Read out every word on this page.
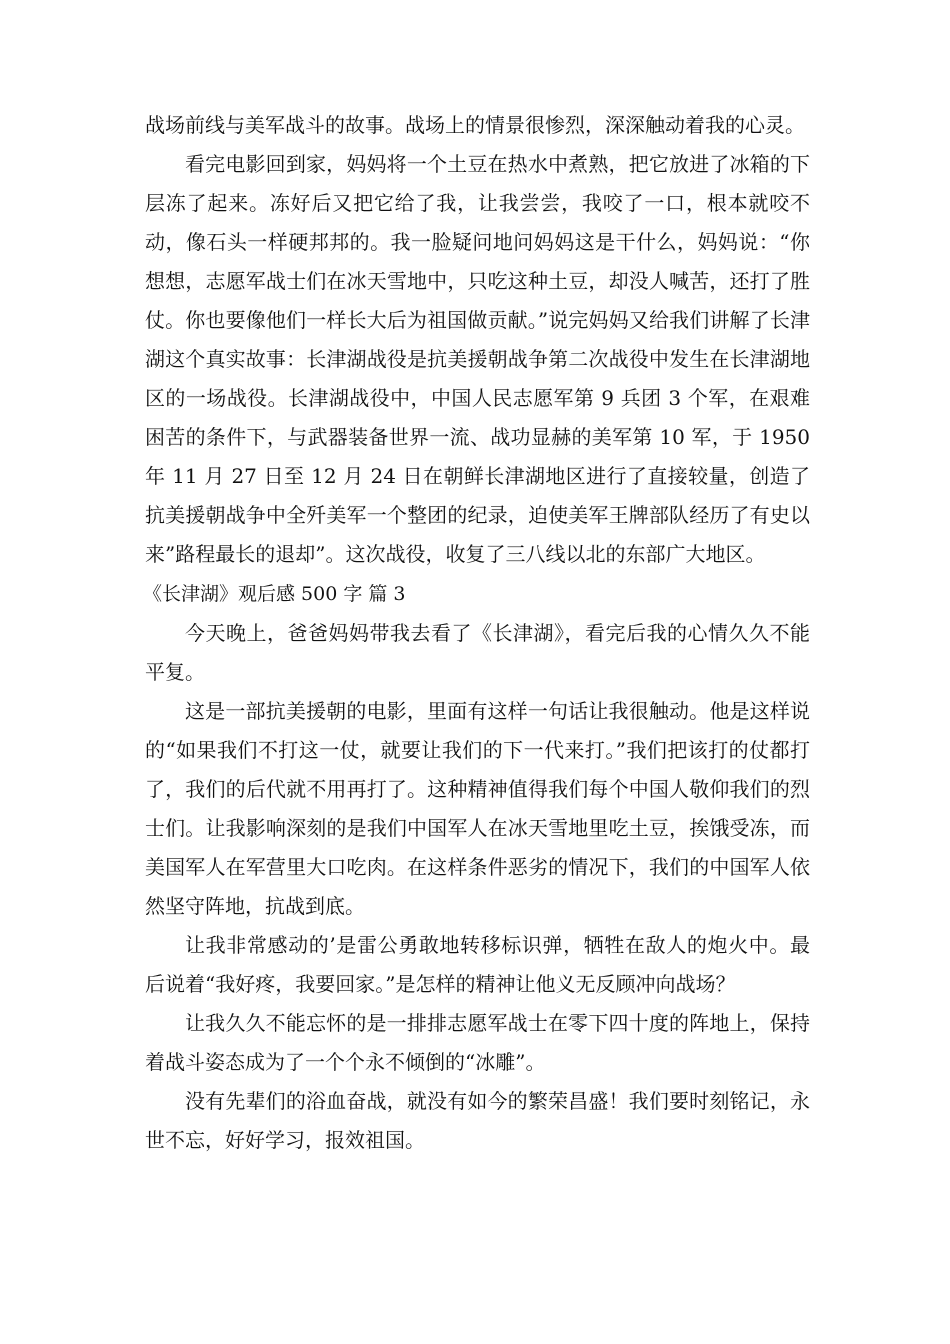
战场前线与美军战斗的故事。战场上的情景很惨烈，深深触动着我的心灵。

看完电影回到家，妈妈将一个土豆在热水中煮熟，把它放进了冰箱的下层冻了起来。冻好后又把它给了我，让我尝尝，我咬了一口，根本就咬不动，像石头一样硬邦邦的。我一脸疑问地问妈妈这是干什么，妈妈说：“你想想，志愿军战士们在冰天雪地中，只吃这种土豆，却没人喊苦，还打了胜仗。你也要像他们一样长大后为祖国做贡献。”说完妈妈又给我们讲解了长津湖这个真实故事：长津湖战役是抗美援朝战争第二次战役中发生在长津湖地区的一场战役。长津湖战役中，中国人民志愿军第 9 兵团 3 个军，在艰难困苦的条件下，与武器装备世界一流、战功显赫的美军第 10 军，于 1950 年 11 月 27 日至 12 月 24 日在朝鲜长津湖地区进行了直接较量，创造了抗美援朝战争中全歼美军一个整团的纪录，迫使美军王牌部队经历了有史以来”路程最长的退却”。这次战役，收复了三八线以北的东部广大地区。

《长津湖》观后感 500 字 篇 3

今天晚上，爸爸妈妈带我去看了《长津湖》，看完后我的心情久久不能平复。

这是一部抗美援朝的电影，里面有这样一句话让我很触动。他是这样说的“如果我们不打这一仗，就要让我们的下一代来打。”我们把该打的仗都打了，我们的后代就不用再打了。这种精神值得我们每个中国人敬仰我们的烈士们。让我影响深刻的是我们中国军人在冰天雪地里吃土豆，挨饿受冻，而美国军人在军营里大口吃肉。在这样条件恶劣的情况下，我们的中国军人依然坚守阵地，抗战到底。

让我非常感动的’是雷公勇敢地转移标识弹，牺牲在敌人的炮火中。最后说着“我好疼，我要回家。”是怎样的精神让他义无反顾冲向战场？

让我久久不能忘怀的是一排排志愿军战士在零下四十度的阵地上，保持着战斗姿态成为了一个个永不倾倒的“冰雕”。

没有先辈们的浴血奋战，就没有如今的繁荣昌盛！我们要时刻铭记，永世不忘，好好学习，报效祖国。
